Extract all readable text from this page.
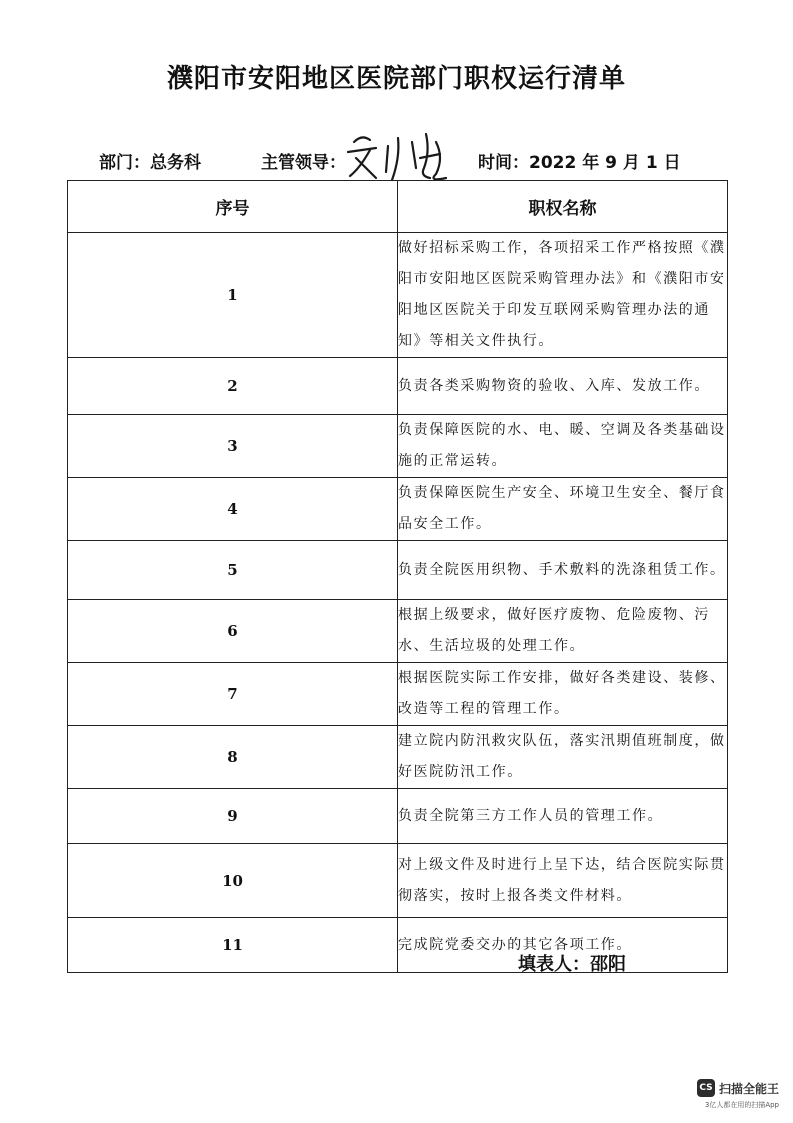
濮阳市安阳地区医院部门职权运行清单
部门：总务科	主管领导：	时间：2022 年 9 月 1 日
序号	职权名称
1	做好招标采购工作，各项招采工作严格按照《濮阳市安阳地区医院采购管理办法》和《濮阳市安阳地区医院关于印发互联网采购管理办法的通知》等相关文件执行。
2	负责各类采购物资的验收、入库、发放工作。
3	负责保障医院的水、电、暖、空调及各类基础设施的正常运转。
4	负责保障医院生产安全、环境卫生安全、餐厅食品安全工作。
5	负责全院医用织物、手术敷料的洗涤租赁工作。
6	根据上级要求，做好医疗废物、危险废物、污水、生活垃圾的处理工作。
7	根据医院实际工作安排，做好各类建设、装修、改造等工程的管理工作。
8	建立院内防汛救灾队伍，落实汛期值班制度，做好医院防汛工作。
9	负责全院第三方工作人员的管理工作。
10	对上级文件及时进行上呈下达，结合医院实际贯彻落实，按时上报各类文件材料。
11	完成院党委交办的其它各项工作。
填表人：邵阳
CS 扫描全能王
3亿人都在用的扫描App
